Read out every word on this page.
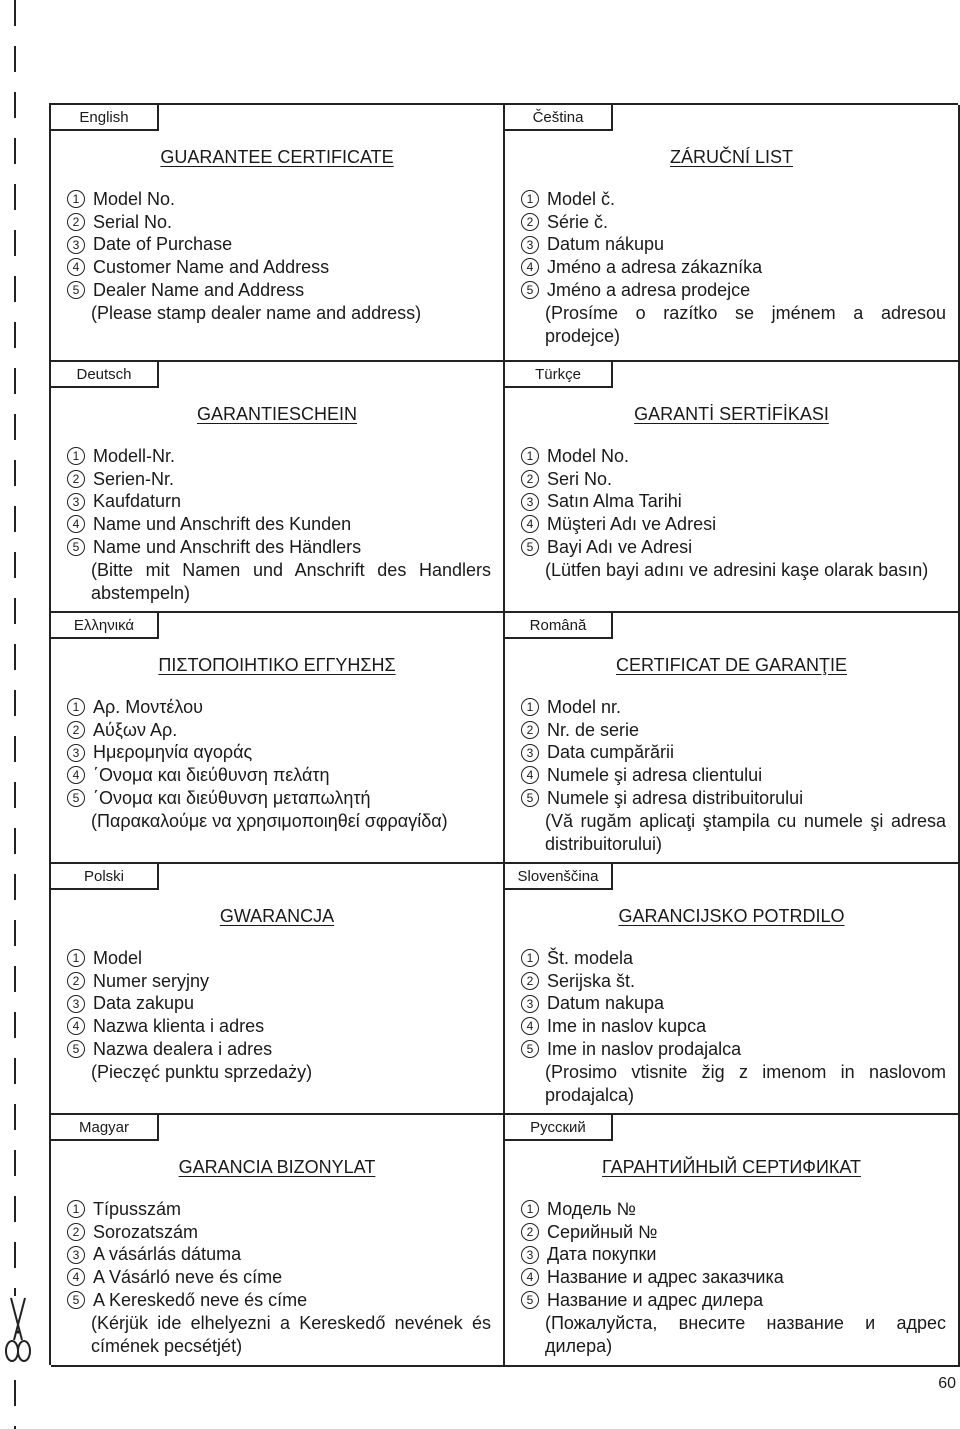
English
GUARANTEE CERTIFICATE
1 Model No.
2 Serial No.
3 Date of Purchase
4 Customer Name and Address
5 Dealer Name and Address

(Please stamp dealer name and address)

Čeština
ZÁRUČNÍ LIST
1 Model č.
2 Série č.
3 Datum nákupu
4 Jméno a adresa zákazníka
5 Jméno a adresa prodejce

(Prosíme o razítko se jménem a adresou prodejce)

Deutsch
GARANTIESCHEIN
1 Modell-Nr.
2 Serien-Nr.
3 Kaufdaturn
4 Name und Anschrift des Kunden
5 Name und Anschrift des Händlers

(Bitte mit Namen und Anschrift des Handlers abstempeln)

Türkçe
GARANTİ SERTİFİKASI
1 Model No.
2 Seri No.
3 Satın Alma Tarihi
4 Müşteri Adı ve Adresi
5 Bayi Adı ve Adresi

(Lütfen bayi adını ve adresini kaşe olarak basın)

Ελληνικά
ΠΙΣΤΟΠΟΙΗΤΙΚΟ ΕΓΓΥΗΣΗΣ
1 Αρ. Μοντέλου
2 Αύξων Αρ.
3 Ημερομηνία αγοράς
4 ΄Ονομα και διεύθυνση πελάτη
5 ΄Ονομα και διεύθυνση μεταπωλητή

(Παρακαλούμε να χρησιμοποιηθεί σφραγίδα)

Română
CERTIFICAT DE GARANŢIE
1 Model nr.
2 Nr. de serie
3 Data cumpărării
4 Numele şi adresa clientului
5 Numele şi adresa distribuitorului

(Vă rugăm aplicaţi ştampila cu numele şi adresa distribuitorului)

Polski
GWARANCJA
1 Model
2 Numer seryjny
3 Data zakupu
4 Nazwa klienta i adres
5 Nazwa dealera i adres

(Pieczęć punktu sprzedaży)

Slovenščina
GARANCIJSKO POTRDILO
1 Št. modela
2 Serijska št.
3 Datum nakupa
4 Ime in naslov kupca
5 Ime in naslov prodajalca

(Prosimo vtisnite žig z imenom in naslovom prodajalca)

Magyar
GARANCIA BIZONYLAT
1 Típusszám
2 Sorozatszám
3 A vásárlás dátuma
4 A Vásárló neve és címe
5 A Kereskedő neve és címe

(Kérjük ide elhelyezni a Kereskedő nevének és címének pecsétjét)

Русский
ГАРАНТИЙНЫЙ СЕРТИФИКАТ
1 Модель №
2 Серийный №
3 Дата покупки
4 Название и адрес заказчика
5 Название и адрес дилера

(Пожалуйста, внесите название и адрес дилера)

60
